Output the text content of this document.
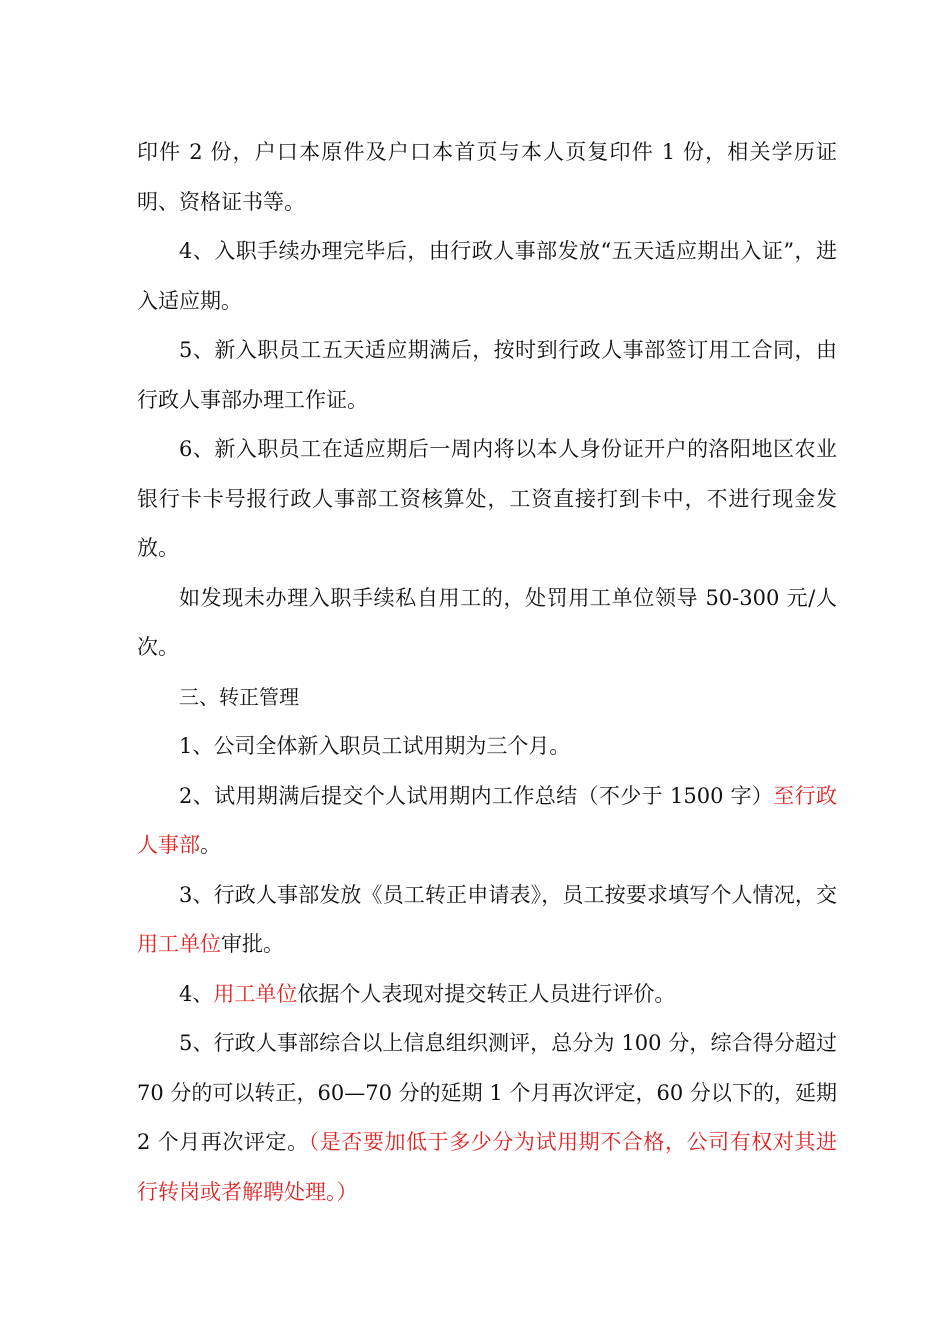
印件 2 份，户口本原件及户口本首页与本人页复印件 1 份，相关学历证明、资格证书等。

4、入职手续办理完毕后，由行政人事部发放“五天适应期出入证”，进入适应期。

5、新入职员工五天适应期满后，按时到行政人事部签订用工合同，由行政人事部办理工作证。

6、新入职员工在适应期后一周内将以本人身份证开户的洛阳地区农业银行卡卡号报行政人事部工资核算处，工资直接打到卡中，不进行现金发放。

如发现未办理入职手续私自用工的，处罚用工单位领导 50-300 元/人次。

三、转正管理

1、公司全体新入职员工试用期为三个月。

2、试用期满后提交个人试用期内工作总结（不少于 1500 字）至行政人事部。

3、行政人事部发放《员工转正申请表》，员工按要求填写个人情况，交用工单位审批。

4、用工单位依据个人表现对提交转正人员进行评价。

5、行政人事部综合以上信息组织测评，总分为 100 分，综合得分超过 70 分的可以转正，60—70 分的延期 1 个月再次评定，60 分以下的，延期 2 个月再次评定。（是否要加低于多少分为试用期不合格，公司有权对其进行转岗或者解聘处理。）
